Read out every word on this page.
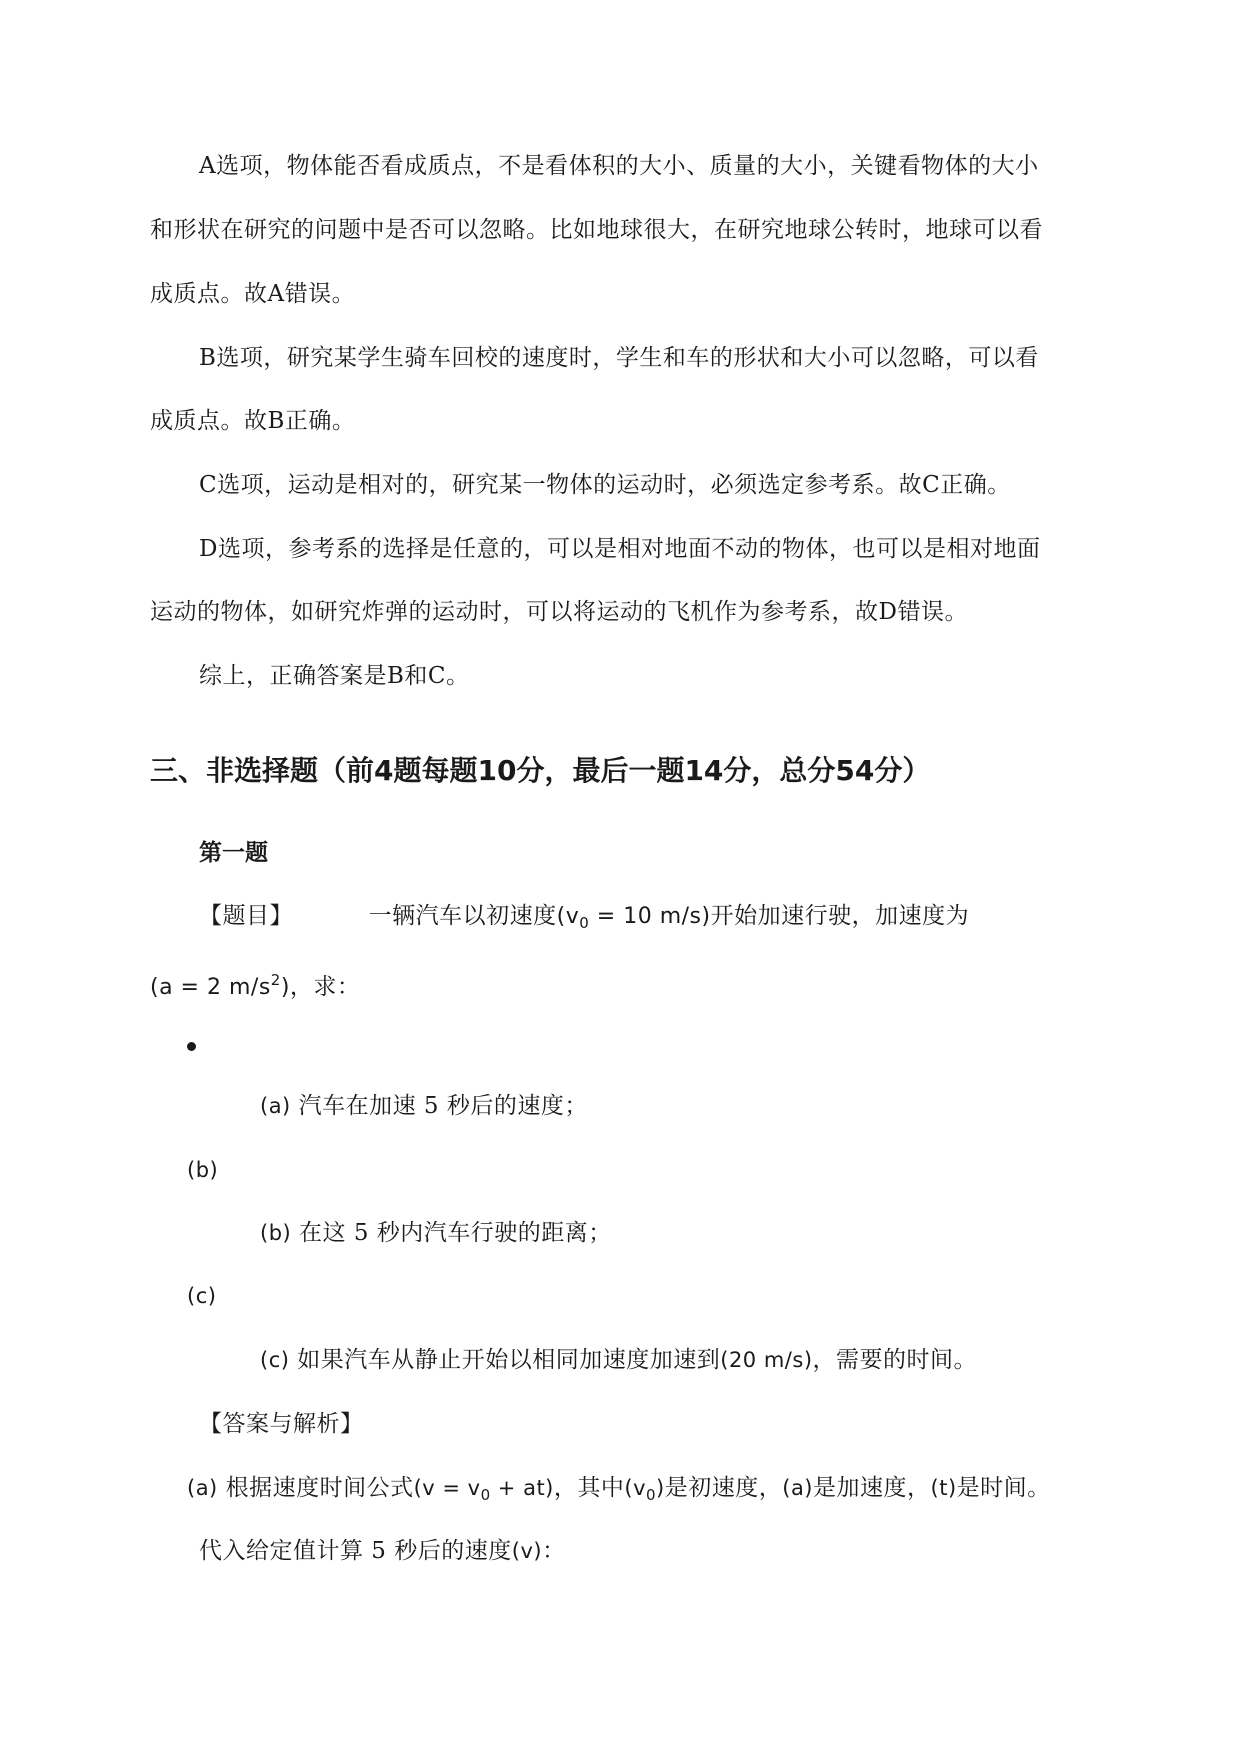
A选项，物体能否看成质点，不是看体积的大小、质量的大小，关键看物体的大小
和形状在研究的问题中是否可以忽略。比如地球很大，在研究地球公转时，地球可以看
成质点。故A错误。
B选项，研究某学生骑车回校的速度时，学生和车的形状和大小可以忽略，可以看
成质点。故B正确。
C选项，运动是相对的，研究某一物体的运动时，必须选定参考系。故C正确。
D选项，参考系的选择是任意的，可以是相对地面不动的物体，也可以是相对地面
运动的物体，如研究炸弹的运动时，可以将运动的飞机作为参考系，故D错误。
综上，正确答案是B和C。
三、非选择题（前4题每题10分，最后一题14分，总分54分）
第一题
【题目】	一辆汽车以初速度($v_0 = 10$ m/s)开始加速行驶，加速度为
(a = 2 $m/s^2$)，求：
(a) 汽车在加速 5 秒后的速度；
(b)
(b) 在这 5 秒内汽车行驶的距离；
(c)
(c) 如果汽车从静止开始以相同加速度加速到(20 m/s)，需要的时间。
【答案与解析】
(a) 根据速度时间公式$(v = v_0 + at)$，其中$(v_0)$是初速度，(a)是加速度，(t)是时间。
代入给定值计算 5 秒后的速度(v)：
